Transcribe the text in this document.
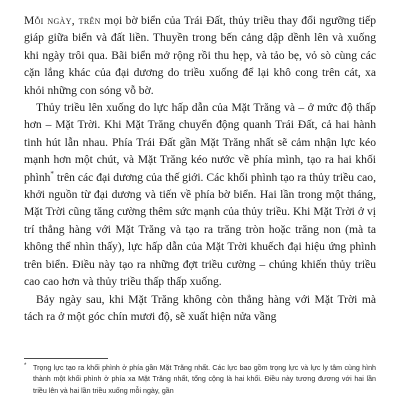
Mỗi ngày, trên mọi bờ biển của Trái Đất, thủy triều thay đổi ngưỡng tiếp giáp giữa biển và đất liền. Thuyền trong bến cảng dập dềnh lên và xuống khi ngày trôi qua. Bãi biển mở rộng rồi thu hẹp, và tảo bẹ, vỏ sò cùng các cặn lắng khác của đại dương do triều xuống để lại khô cong trên cát, xa khỏi những con sóng vỗ bờ.

Thủy triều lên xuống do lực hấp dẫn của Mặt Trăng và – ở mức độ thấp hơn – Mặt Trời. Khi Mặt Trăng chuyển động quanh Trái Đất, cả hai hành tinh hút lẫn nhau. Phía Trái Đất gần Mặt Trăng nhất sẽ cảm nhận lực kéo mạnh hơn một chút, và Mặt Trăng kéo nước về phía mình, tạo ra hai khối phình* trên các đại dương của thế giới. Các khối phình tạo ra thủy triều cao, khởi nguồn từ đại dương và tiến về phía bờ biển. Hai lần trong một tháng, Mặt Trời cũng tăng cường thêm sức mạnh của thủy triều. Khi Mặt Trời ở vị trí thẳng hàng với Mặt Trăng và tạo ra trăng tròn hoặc trăng non (mà ta không thể nhìn thấy), lực hấp dẫn của Mặt Trời khuếch đại hiệu ứng phình trên biển. Điều này tạo ra những đợt triều cường – chúng khiến thủy triều cao cao hơn và thủy triều thấp thấp xuống.

Bảy ngày sau, khi Mặt Trăng không còn thẳng hàng với Mặt Trời mà tách ra ở một góc chín mươi độ, sẽ xuất hiện nửa vầng

* Trọng lực tạo ra khối phình ở phía gần Mặt Trăng nhất. Các lực bao gồm trọng lực và lực ly tâm cùng hình thành một khối phình ở phía xa Mặt Trăng nhất, tổng cộng là hai khối. Điều này tương đương với hai lần triều lên và hai lần triều xuống mỗi ngày, gần
